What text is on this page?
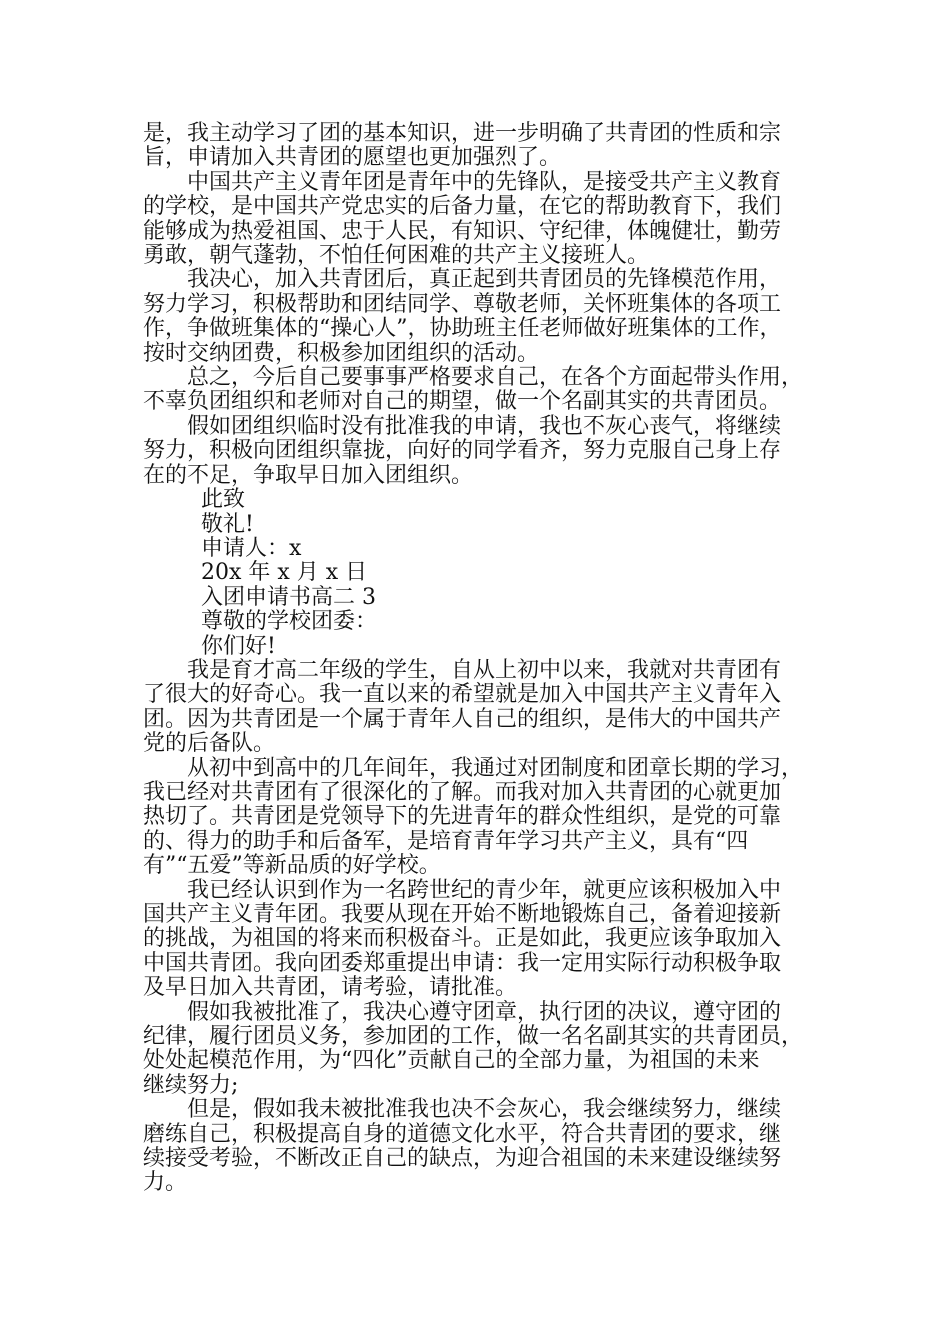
是，我主动学习了团的基本知识，进一步明确了共青团的性质和宗
旨，申请加入共青团的愿望也更加强烈了。

中国共产主义青年团是青年中的先锋队，是接受共产主义教育
的学校，是中国共产党忠实的后备力量，在它的帮助教育下，我们
能够成为热爱祖国、忠于人民，有知识、守纪律，体魄健壮，勤劳
勇敢，朝气蓬勃，不怕任何困难的共产主义接班人。

我决心，加入共青团后，真正起到共青团员的先锋模范作用，
努力学习，积极帮助和团结同学、尊敬老师，关怀班集体的各项工
作，争做班集体的“操心人”，协助班主任老师做好班集体的工作，
按时交纳团费，积极参加团组织的活动。

总之，今后自己要事事严格要求自己，在各个方面起带头作用，
不辜负团组织和老师对自己的期望，做一个名副其实的共青团员。

假如团组织临时没有批准我的申请，我也不灰心丧气，将继续
努力，积极向团组织靠拢，向好的同学看齐，努力克服自己身上存
在的不足，争取早日加入团组织。

此致

敬礼!

申请人：x

20x 年 x 月 x 日

入团申请书高二 3

尊敬的学校团委：

你们好!

我是育才高二年级的学生，自从上初中以来，我就对共青团有
了很大的好奇心。我一直以来的希望就是加入中国共产主义青年入
团。因为共青团是一个属于青年人自己的组织，是伟大的中国共产
党的后备队。

从初中到高中的几年间年，我通过对团制度和团章长期的学习，
我已经对共青团有了很深化的了解。而我对加入共青团的心就更加
热切了。共青团是党领导下的先进青年的群众性组织，是党的可靠
的、得力的助手和后备军，是培育青年学习共产主义，具有“四
有”“五爱”等新品质的好学校。

我已经认识到作为一名跨世纪的青少年，就更应该积极加入中
国共产主义青年团。我要从现在开始不断地锻炼自己，备着迎接新
的挑战，为祖国的将来而积极奋斗。正是如此，我更应该争取加入
中国共青团。我向团委郑重提出申请：我一定用实际行动积极争取
及早日加入共青团，请考验，请批准。

假如我被批准了，我决心遵守团章，执行团的决议，遵守团的
纪律，履行团员义务，参加团的工作，做一名名副其实的共青团员，
处处起模范作用，为“四化”贡献自己的全部力量，为祖国的未来
继续努力;

但是，假如我未被批准我也决不会灰心，我会继续努力，继续
磨练自己，积极提高自身的道德文化水平，符合共青团的要求，继
续接受考验，不断改正自己的缺点，为迎合祖国的未来建设继续努
力。
